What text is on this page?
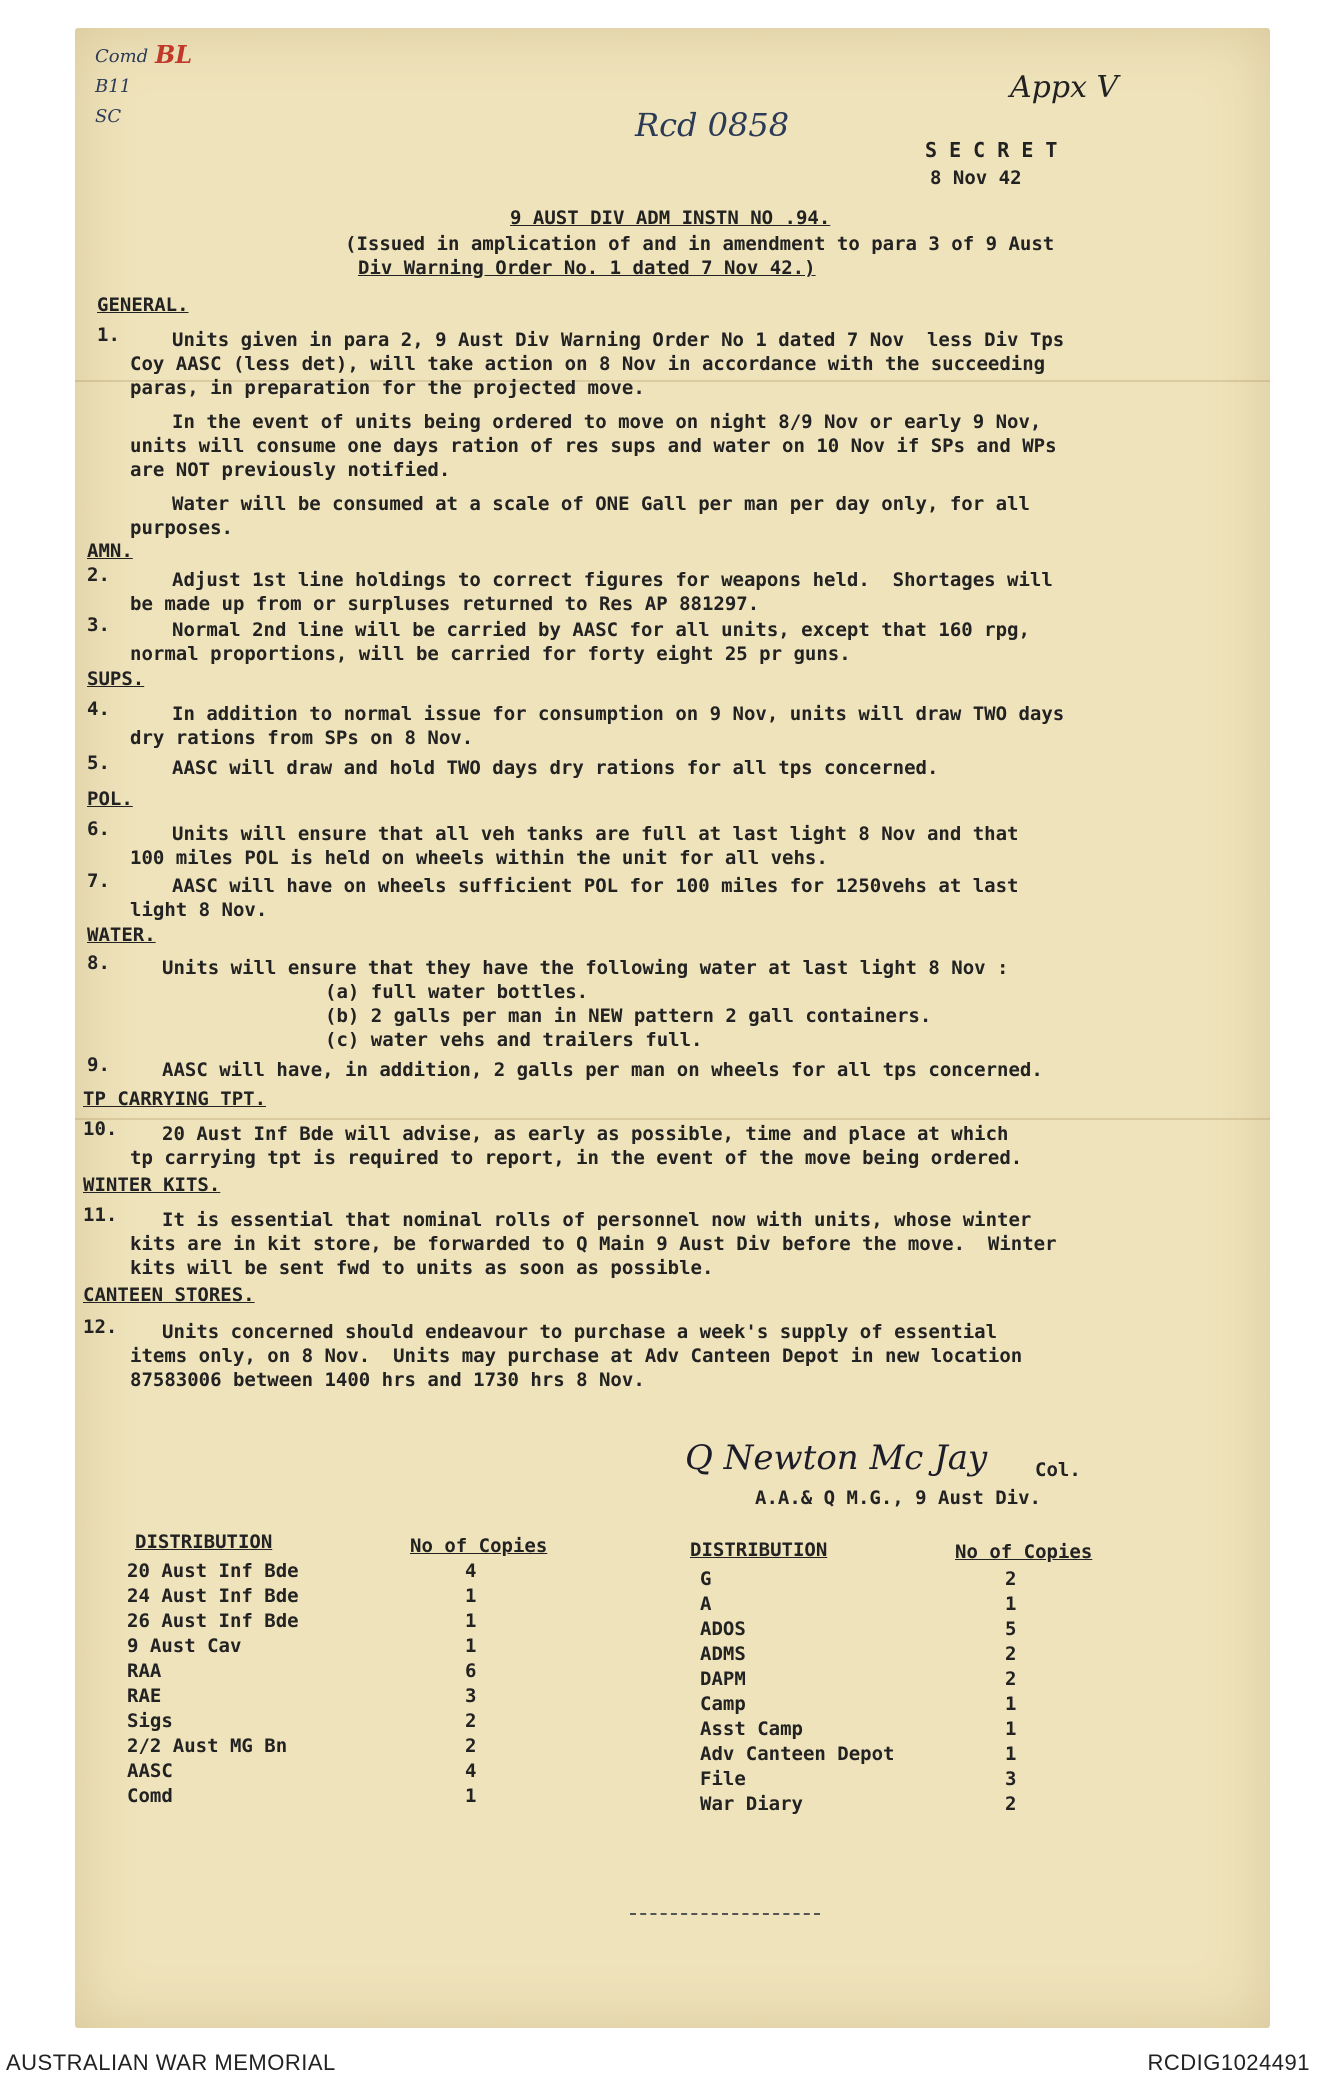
Comd BL
B11
SC	Rcd 0858
Appx V
S E C R E T
8 Nov 42
9 AUST DIV ADM INSTN NO .94.
(Issued in amplication of and in amendment to para 3 of 9 Aust
Div Warning Order No. 1 dated 7 Nov 42.)
GENERAL.
1.	Units given in para 2, 9 Aust Div Warning Order No 1 dated 7 Nov  less Div Tps
Coy AASC (less det), will take action on 8 Nov in accordance with the succeeding
paras, in preparation for the projected move.
In the event of units being ordered to move on night 8/9 Nov or early 9 Nov,
units will consume one days ration of res sups and water on 10 Nov if SPs and WPs
are NOT previously notified.
Water will be consumed at a scale of ONE Gall per man per day only, for all
purposes.
AMN.
2.	Adjust 1st line holdings to correct figures for weapons held.  Shortages will
be made up from or surpluses returned to Res AP 881297.
3.	Normal 2nd line will be carried by AASC for all units, except that 160 rpg,
normal proportions, will be carried for forty eight 25 pr guns.
SUPS.
4.	In addition to normal issue for consumption on 9 Nov, units will draw TWO days
dry rations from SPs on 8 Nov.
5.	AASC will draw and hold TWO days dry rations for all tps concerned.
POL.
6.	Units will ensure that all veh tanks are full at last light 8 Nov and that
100 miles POL is held on wheels within the unit for all vehs.
7.	AASC will have on wheels sufficient POL for 100 miles for 1250vehs at last
light 8 Nov.
WATER.
8.	Units will ensure that they have the following water at last light 8 Nov :
(a) full water bottles.
(b) 2 galls per man in NEW pattern 2 gall containers.
(c) water vehs and trailers full.
9.	AASC will have, in addition, 2 galls per man on wheels for all tps concerned.
TP CARRYING TPT.
10.	20 Aust Inf Bde will advise, as early as possible, time and place at which
tp carrying tpt is required to report, in the event of the move being ordered.
WINTER KITS.
11.	It is essential that nominal rolls of personnel now with units, whose winter
kits are in kit store, be forwarded to Q Main 9 Aust Div before the move.  Winter
kits will be sent fwd to units as soon as possible.
CANTEEN STORES.
12.	Units concerned should endeavour to purchase a week's supply of essential
items only, on 8 Nov.  Units may purchase at Adv Canteen Depot in new location
87583006 between 1400 hrs and 1730 hrs 8 Nov.
Q Newton Mc Jay	Col.
A.A.& Q M.G., 9 Aust Div.
DISTRIBUTION	No of Copies	DISTRIBUTION	No of Copies
20 Aust Inf Bde	4
24 Aust Inf Bde	1
26 Aust Inf Bde	1
9 Aust Cav	1
RAA	6
RAE	3
Sigs	2
2/2 Aust MG Bn	2
AASC	4
Comd	1
G	2
A	1
ADOS	5
ADMS	2
DAPM	2
Camp	1
Asst Camp	1
Adv Canteen Depot	1
File	3
War Diary	2
AUSTRALIAN WAR MEMORIAL	RCDIG1024491
